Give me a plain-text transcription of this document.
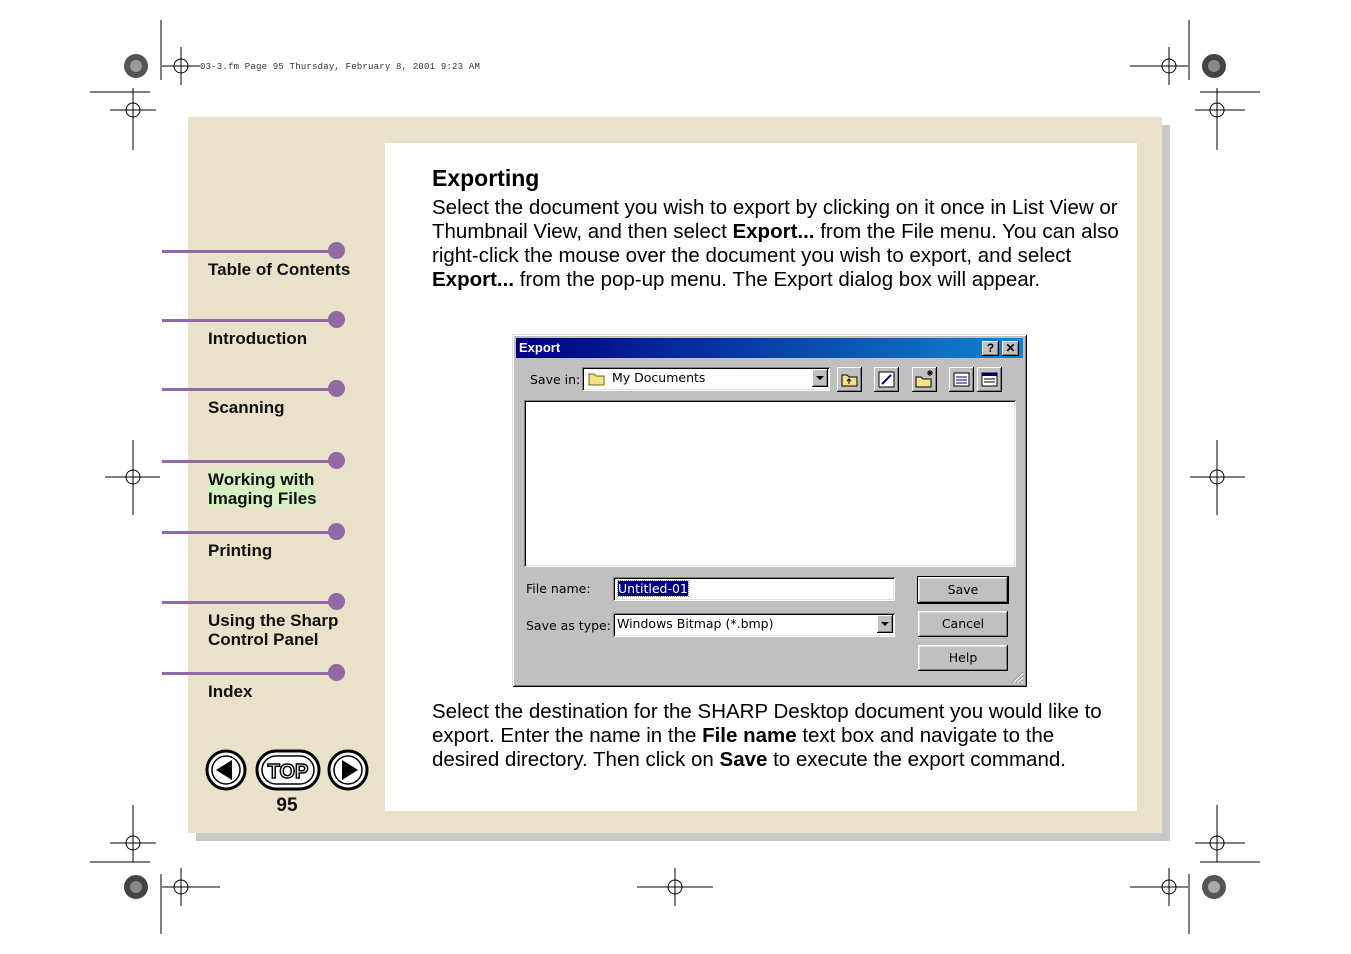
03-3.fm Page 95 Thursday, February 8, 2001 9:23 AM
Table of Contents
Introduction
Scanning
Working with
Imaging Files
Printing
Using the Sharp
Control Panel
Index
TOP
95
Exporting

Select the document you wish to export by clicking on it once in List View or Thumbnail View, and then select Export... from the File menu. You can also right-click the mouse over the document you wish to export, and select Export... from the pop-up menu. The Export dialog box will appear.

Export	? ✕
Save in:	My Documents
File name: Untitled-01
Save as type: Windows Bitmap (*.bmp)
Save
Cancel
Help

Select the destination for the SHARP Desktop document you would like to export. Enter the name in the File name text box and navigate to the desired directory. Then click on Save to execute the export command.
